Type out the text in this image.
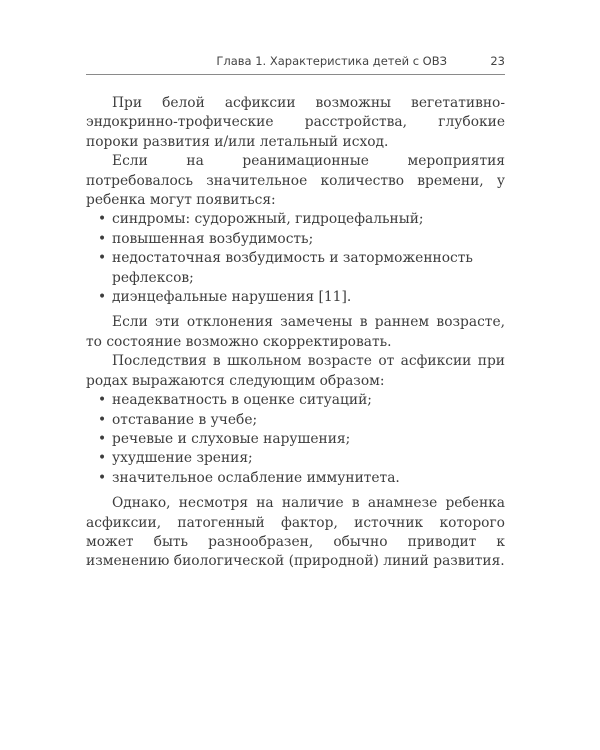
Глава 1. Характеристика детей с ОВЗ	23

При белой асфиксии возможны вегетативно-эндокринно-трофические расстройства, глубокие пороки развития и/или летальный исход.

Если на реанимационные мероприятия потребовалось значительное количество времени, у ребенка могут появиться:

• синдромы: судорожный, гидроцефальный;
• повышенная возбудимость;
• недостаточная возбудимость и заторможенность рефлексов;
• диэнцефальные нарушения [11].

Если эти отклонения замечены в раннем возрасте, то состояние возможно скорректировать.

Последствия в школьном возрасте от асфиксии при родах выражаются следующим образом:

• неадекватность в оценке ситуаций;
• отставание в учебе;
• речевые и слуховые нарушения;
• ухудшение зрения;
• значительное ослабление иммунитета.

Однако, несмотря на наличие в анамнезе ребенка асфиксии, патогенный фактор, источник которого может быть разнообразен, обычно приводит к изменению биологической (природной) линий развития.
